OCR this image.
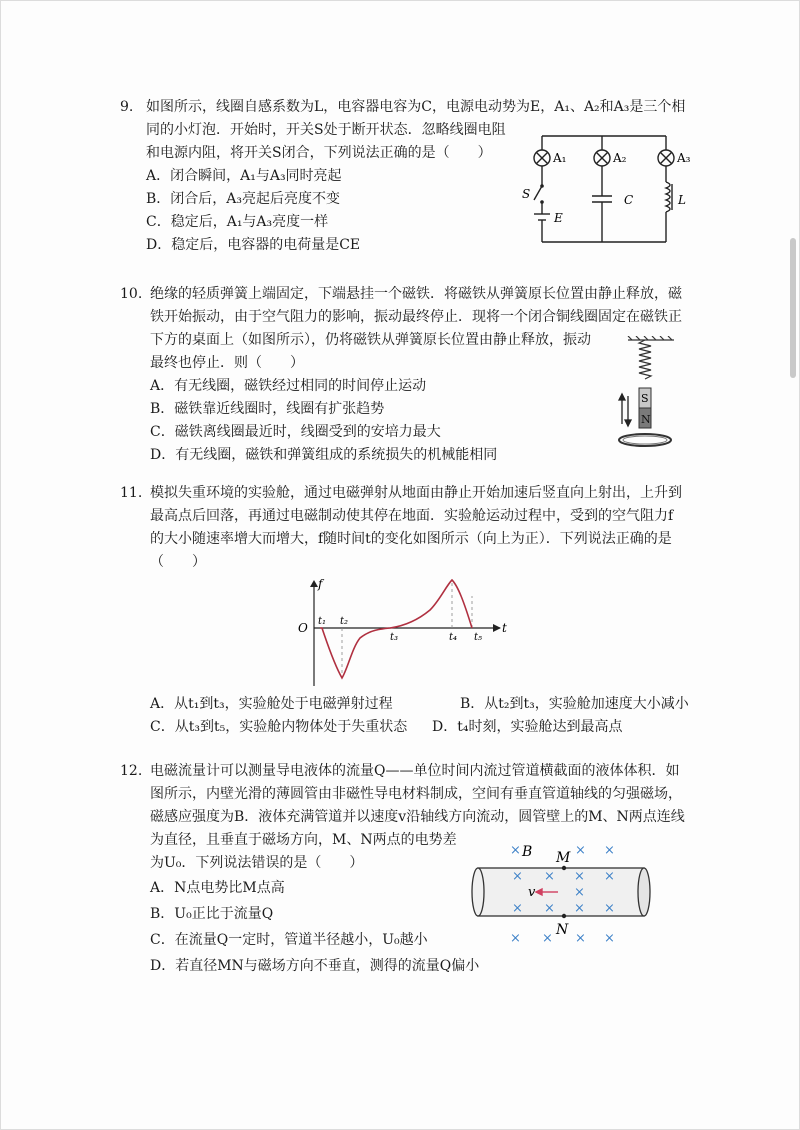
9. 如图所示，线圈自感系数为L，电容器电容为C，电源电动势为E，A₁、A₂和A₃是三个相
同的小灯泡．开始时，开关S处于断开状态．忽略线圈电阻
和电源内阻，将开关S闭合，下列说法正确的是（　　）
A．闭合瞬间，A₁与A₃同时亮起
B．闭合后，A₃亮起后亮度不变
C．稳定后，A₁与A₃亮度一样
D．稳定后，电容器的电荷量是CE
A₁	A₂	A₃
S
E
C	L
10. 绝缘的轻质弹簧上端固定，下端悬挂一个磁铁．将磁铁从弹簧原长位置由静止释放，磁
铁开始振动，由于空气阻力的影响，振动最终停止．现将一个闭合铜线圈固定在磁铁正
下方的桌面上（如图所示），仍将磁铁从弹簧原长位置由静止释放，振动
最终也停止．则（　　）
A．有无线圈，磁铁经过相同的时间停止运动
B．磁铁靠近线圈时，线圈有扩张趋势
C．磁铁离线圈最近时，线圈受到的安培力最大
D．有无线圈，磁铁和弹簧组成的系统损失的机械能相同
S
N
11. 模拟失重环境的实验舱，通过电磁弹射从地面由静止开始加速后竖直向上射出，上升到
最高点后回落，再通过电磁制动使其停在地面．实验舱运动过程中，受到的空气阻力f
的大小随速率增大而增大，f随时间t的变化如图所示（向上为正）．下列说法正确的是
（　　）
f
t
O t₁ t₂
t₃	t₄ t₅
A．从t₁到t₃，实验舱处于电磁弹射过程	B．从t₂到t₃，实验舱加速度大小减小
C．从t₃到t₅，实验舱内物体处于失重状态 D．t₄时刻，实验舱达到最高点
12. 电磁流量计可以测量导电液体的流量Q——单位时间内流过管道横截面的液体体积．如
图所示，内壁光滑的薄圆管由非磁性导电材料制成，空间有垂直管道轴线的匀强磁场，
磁感应强度为B．液体充满管道并以速度v沿轴线方向流动，圆管壁上的M、N两点连线
为直径，且垂直于磁场方向，M、N两点的电势差
为U₀．下列说法错误的是（　　）
A．N点电势比M点高
B．U₀正比于流量Q
C．在流量Q一定时，管道半径越小，U₀越小
D．若直径MN与磁场方向不垂直，测得的流量Q偏小
×	× ×
× × × ×
×
× × × ×
× × × ×
B M
N
v
